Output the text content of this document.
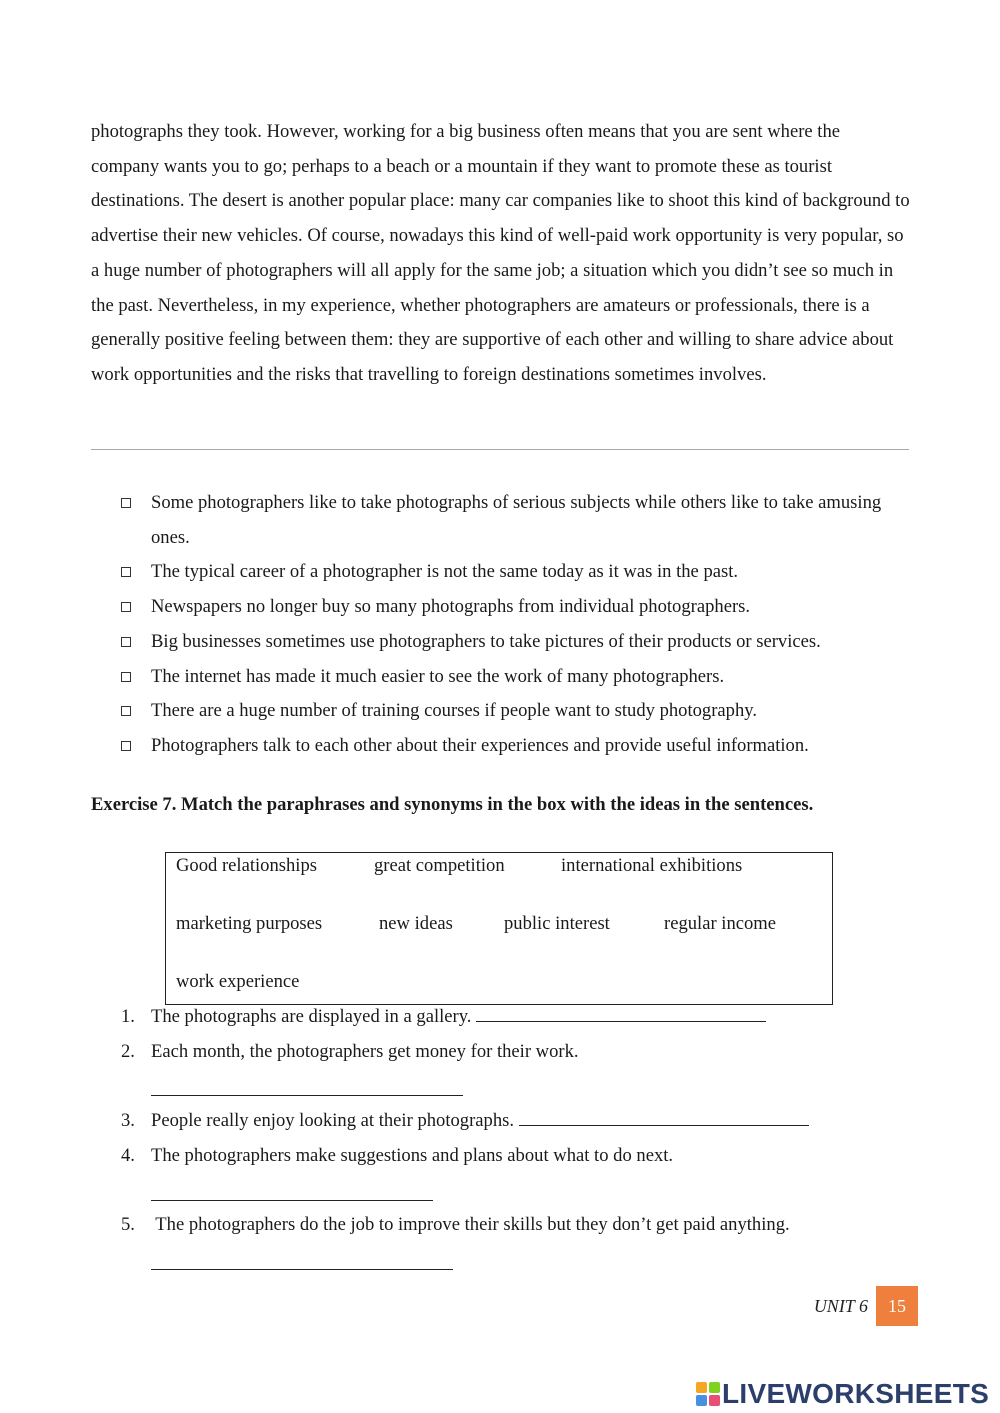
photographs they took. However, working for a big business often means that you are sent where the company wants you to go; perhaps to a beach or a mountain if they want to promote these as tourist destinations. The desert is another popular place: many car companies like to shoot this kind of background to advertise their new vehicles. Of course, nowadays this kind of well-paid work opportunity is very popular, so a huge number of photographers will all apply for the same job; a situation which you didn’t see so much in the past. Nevertheless, in my experience, whether photographers are amateurs or professionals, there is a generally positive feeling between them: they are supportive of each other and willing to share advice about work opportunities and the risks that travelling to foreign destinations sometimes involves.

Some photographers like to take photographs of serious subjects while others like to take amusing ones.
The typical career of a photographer is not the same today as it was in the past.
Newspapers no longer buy so many photographs from individual photographers.
Big businesses sometimes use photographers to take pictures of their products or services.
The internet has made it much easier to see the work of many photographers.
There are a huge number of training courses if people want to study photography.
Photographers talk to each other about their experiences and provide useful information.

Exercise 7. Match the paraphrases and synonyms in the box with the ideas in the sentences.

Good relationships	great competition	international exhibitions
marketing purposes	new ideas	public interest	regular income
work experience
1. The photographs are displayed in a gallery.
2. Each month, the photographers get money for their work.
3. People really enjoy looking at their photographs.
4. The photographers make suggestions and plans about what to do next.
5. The photographers do the job to improve their skills but they don’t get paid anything.
UNIT 6	15
LIVEWORKSHEETS
